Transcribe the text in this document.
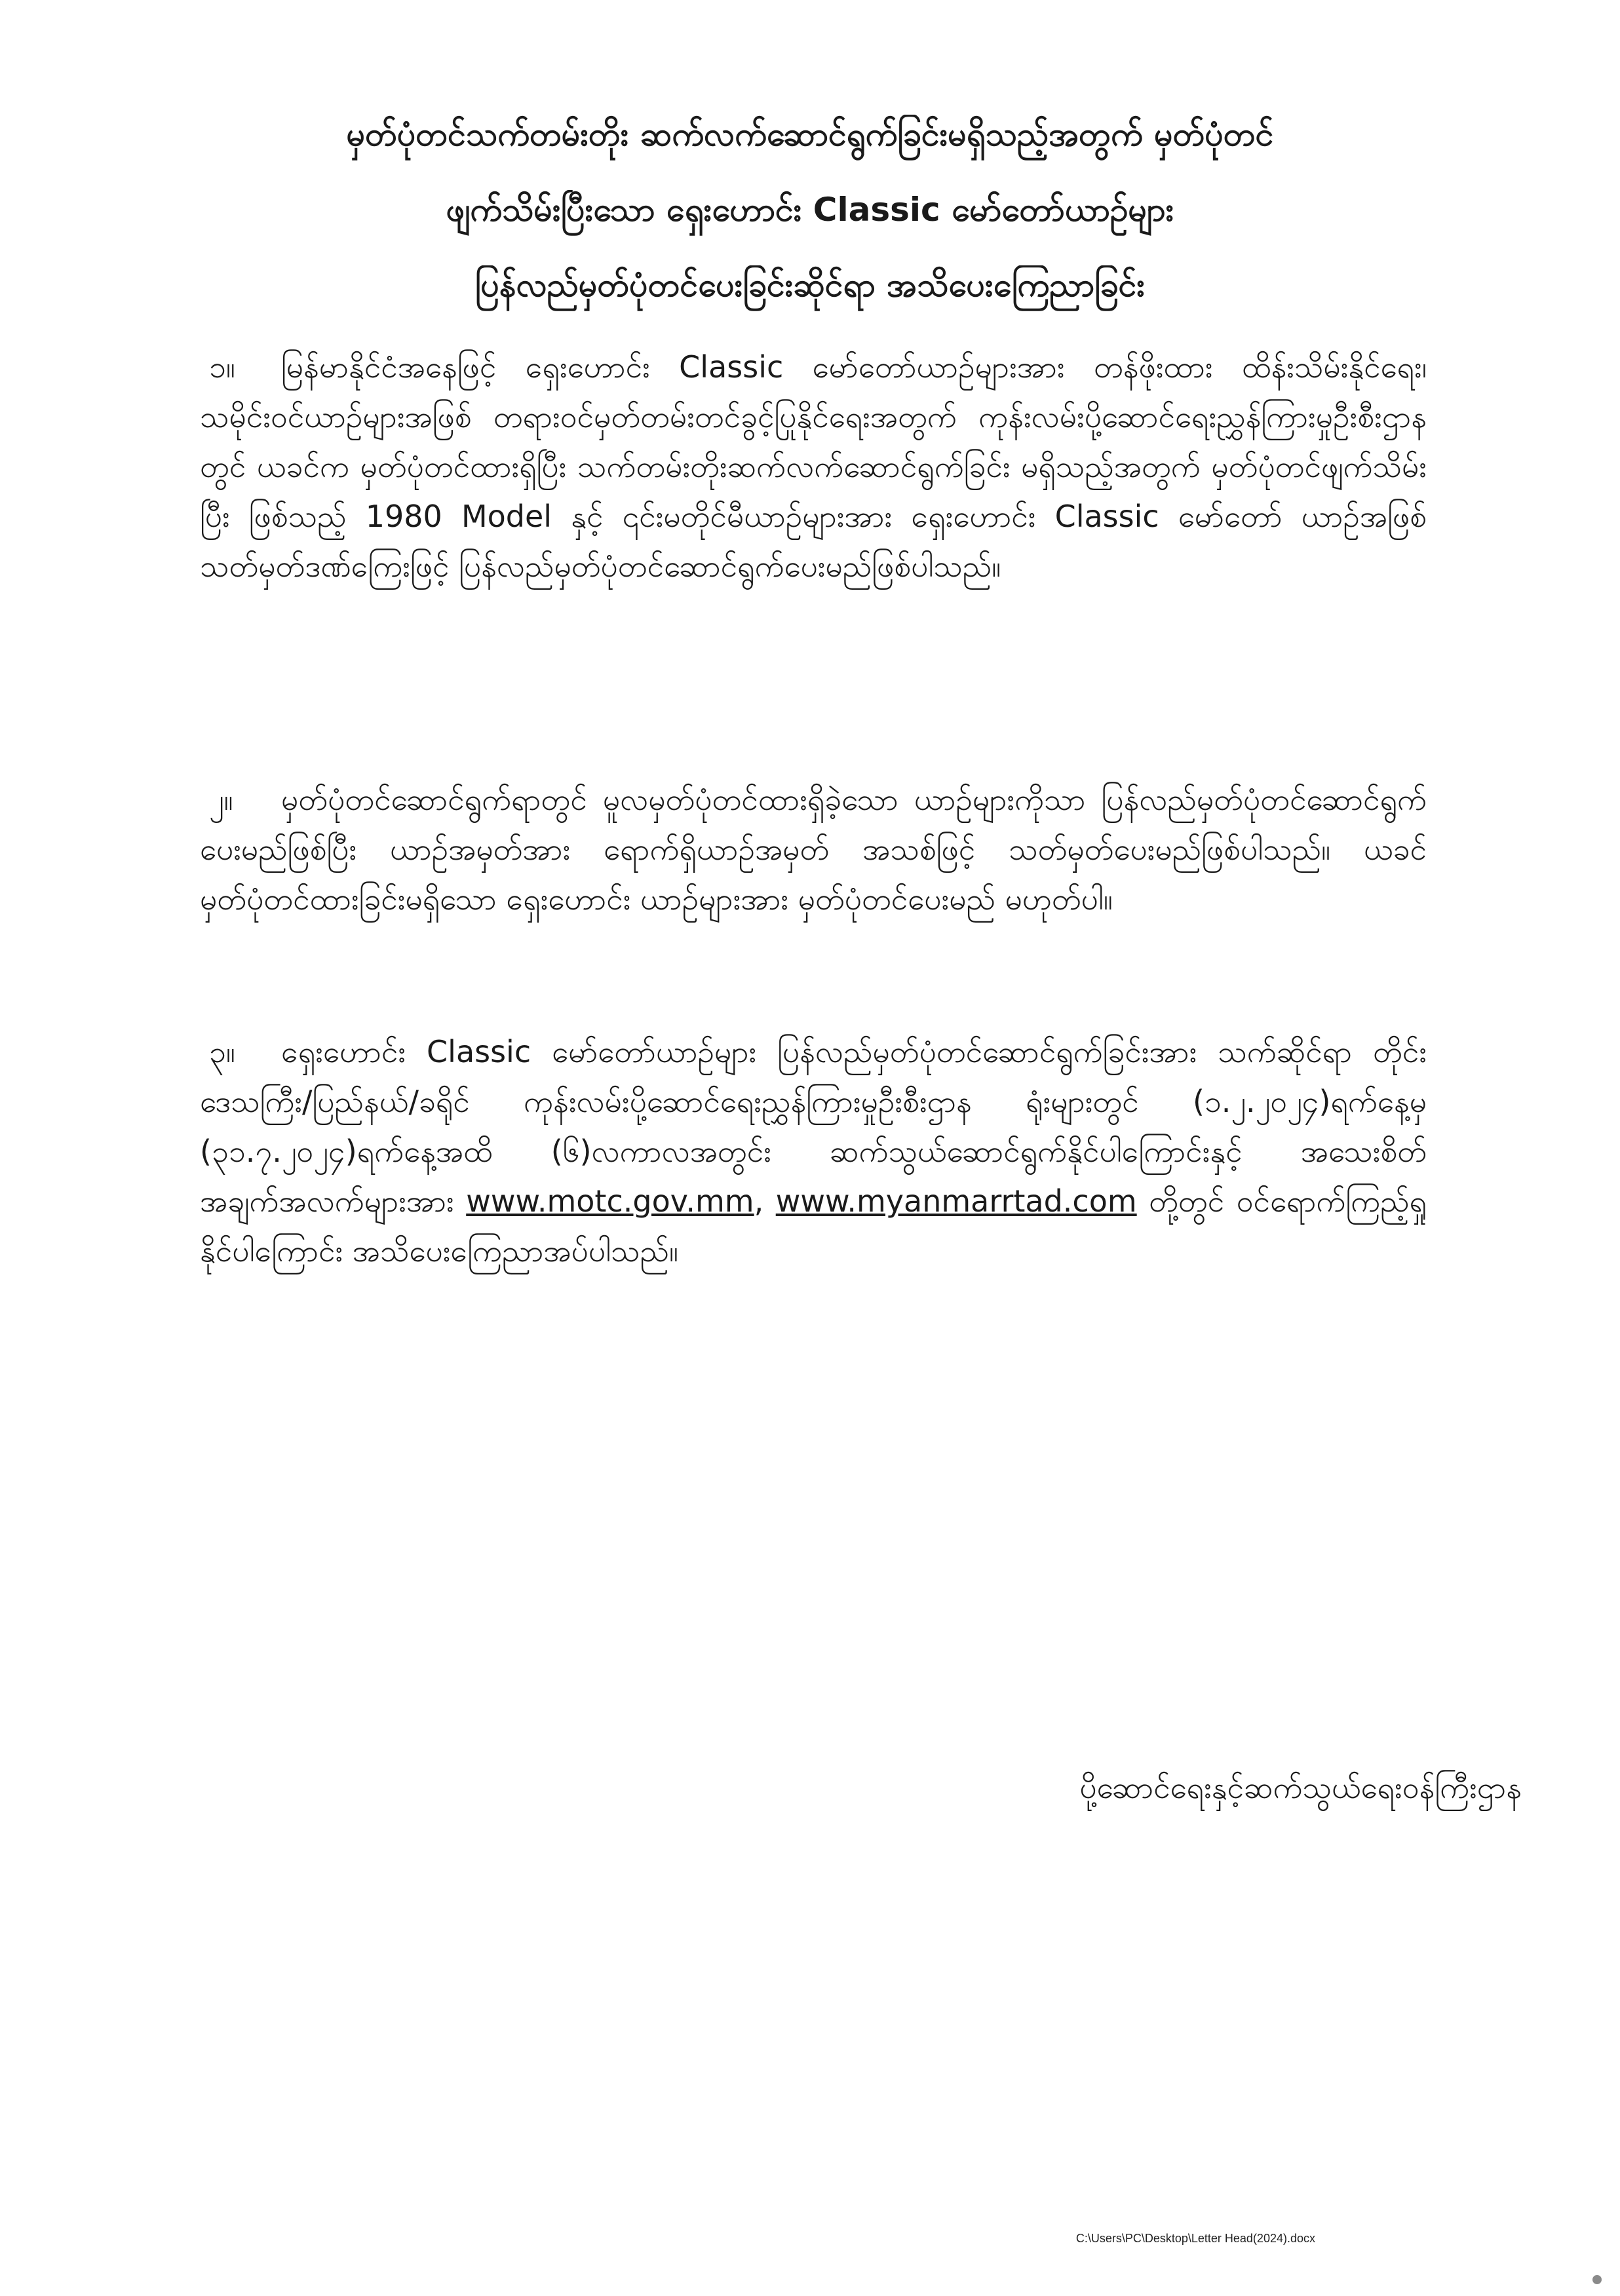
မှတ်ပုံတင်သက်တမ်းတိုး ဆက်လက်ဆောင်ရွက်ခြင်းမရှိသည့်အတွက် မှတ်ပုံတင်
ဖျက်သိမ်းပြီးသော ရှေးဟောင်း Classic မော်တော်ယာဉ်များ
ပြန်လည်မှတ်ပုံတင်ပေးခြင်းဆိုင်ရာ အသိပေးကြေညာခြင်း

၁။ မြန်မာနိုင်ငံအနေဖြင့် ရှေးဟောင်း Classic မော်တော်ယာဉ်များအား တန်ဖိုးထား ထိန်းသိမ်းနိုင်ရေး၊ သမိုင်းဝင်ယာဉ်များအဖြစ် တရားဝင်မှတ်တမ်းတင်ခွင့်ပြုနိုင်ရေးအတွက် ကုန်းလမ်းပို့ဆောင်ရေးညွှန်ကြားမှုဦးစီးဌာနတွင် ယခင်က မှတ်ပုံတင်ထားရှိပြီး သက်တမ်းတိုးဆက်လက်ဆောင်ရွက်ခြင်း မရှိသည့်အတွက် မှတ်ပုံတင်ဖျက်သိမ်းပြီး ဖြစ်သည့် 1980 Model နှင့် ၎င်းမတိုင်မီယာဉ်များအား ရှေးဟောင်း Classic မော်တော် ယာဉ်အဖြစ် သတ်မှတ်ဒဏ်ကြေးဖြင့် ပြန်လည်မှတ်ပုံတင်ဆောင်ရွက်ပေးမည်ဖြစ်ပါသည်။

၂။ မှတ်ပုံတင်ဆောင်ရွက်ရာတွင် မူလမှတ်ပုံတင်ထားရှိခဲ့သော ယာဉ်များကိုသာ ပြန်လည်မှတ်ပုံတင်ဆောင်ရွက်ပေးမည်ဖြစ်ပြီး ယာဉ်အမှတ်အား ရောက်ရှိယာဉ်အမှတ် အသစ်ဖြင့် သတ်မှတ်ပေးမည်ဖြစ်ပါသည်။ ယခင် မှတ်ပုံတင်ထားခြင်းမရှိသော ရှေးဟောင်း ယာဉ်များအား မှတ်ပုံတင်ပေးမည် မဟုတ်ပါ။

၃။ ရှေးဟောင်း Classic မော်တော်ယာဉ်များ ပြန်လည်မှတ်ပုံတင်ဆောင်ရွက်ခြင်းအား သက်ဆိုင်ရာ တိုင်းဒေသကြီး/ပြည်နယ်/ခရိုင် ကုန်းလမ်းပို့ဆောင်ရေးညွှန်ကြားမှုဦးစီးဌာန ရုံးများတွင် (၁.၂.၂၀၂၄)ရက်နေ့မှ (၃၁.၇.၂၀၂၄)ရက်နေ့အထိ (၆)လကာလအတွင်း ဆက်သွယ်ဆောင်ရွက်နိုင်ပါကြောင်းနှင့် အသေးစိတ်အချက်အလက်များအား www.motc.gov.mm, www.myanmarrtad.com တို့တွင် ဝင်ရောက်ကြည့်ရှုနိုင်ပါကြောင်း အသိပေးကြေညာအပ်ပါသည်။

ပို့ဆောင်ရေးနှင့်ဆက်သွယ်ရေးဝန်ကြီးဌာန
C:\Users\PC\Desktop\Letter Head(2024).docx
